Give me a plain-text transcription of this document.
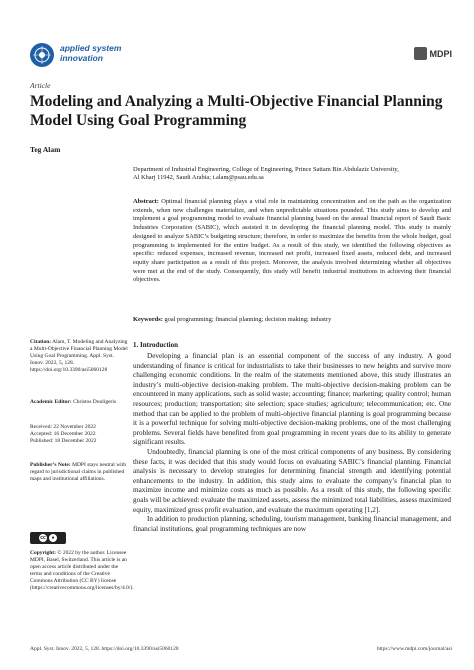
applied system
innovation	MDPI
Article
Modeling and Analyzing a Multi-Objective Financial Planning Model Using Goal Programming
Teg Alam
Department of Industrial Engineering, College of Engineering, Prince Sattam Bin Abdulaziz University,
Al Kharj 11942, Saudi Arabia; t.alam@psau.edu.sa
Abstract: Optimal financial planning plays a vital role in maintaining concentration and on the path as the organization extends, when new challenges materialize, and when unpredictable situations pounded. This study aims to develop and implement a goal programming model to evaluate financial planning based on the annual financial report of Saudi Basic Industries Corporation (SABIC), which assisted it in developing the financial planning model. This study is mainly designed to analyze SABIC’s budgeting structure; therefore, in order to maximize the benefits from the whole budget, goal programming is implemented for the entire budget. As a result of this study, we identified the following objectives as specific: reduced expenses, increased revenue, increased net profit, increased fixed assets, reduced debt, and increased equity share participation as a result of this project. Moreover, the analysis involved determining whether all objectives were met at the end of the study. Consequently, this study will benefit industrial institutions in achieving their financial objectives.
Keywords: goal programming; financial planning; decision making; industry
Citation: Alam, T. Modeling and Analyzing a Multi-Objective Financial Planning Model Using Goal Programming. Appl. Syst. Innov. 2022, 5, 128. https://doi.org/10.3390/asi5060128
Academic Editor: Christos Douligeris
Received: 22 November 2022
Accepted: 16 December 2022
Published: 18 December 2022
Publisher’s Note: MDPI stays neutral with regard to jurisdictional claims in published maps and institutional affiliations.
cc	●
Copyright: © 2022 by the author. Licensee MDPI, Basel, Switzerland. This article is an open access article distributed under the terms and conditions of the Creative Commons Attribution (CC BY) license (https://creativecommons.org/licenses/by/4.0/).
1. Introduction

Developing a financial plan is an essential component of the success of any industry. A good understanding of finance is critical for industrialists to take their businesses to new heights and survive more challenging economic conditions. In the realm of the statements mentioned above, this study illustrates an industry’s multi-objective decision-making problem. The multi-objective decision-making problem can be encountered in many applications, such as solid waste; accounting; finance; marketing; quality control; human resources; production; transportation; site selection; space studies; agriculture; telecommunication; etc. One method that can be applied to the problem of multi-objective financial planning is goal programming because it is a powerful technique for solving multi-objective decision-making problems, one of the most challenging problems. Several fields have benefited from goal programming in recent years due to its ability to generate significant results.

Undoubtedly, financial planning is one of the most critical components of any business. By considering these facts, it was decided that this study would focus on evaluating SABIC’s financial planning. Financial analysis is necessary to develop strategies for determining financial strength and identifying potential enhancements to the industry. In addition, this study aims to evaluate the company’s financial plan to maximize income and minimize costs as much as possible. As a result of this study, the following specific goals will be achieved: evaluate the maximized assets, assess the minimized total liabilities, assess maximized equity, maximized gross profit evaluation, and evaluate the maximum operating [1,2].

In addition to production planning, scheduling, tourism management, banking financial management, and financial institutions, goal programming techniques are now

Appl. Syst. Innov. 2022, 5, 128. https://doi.org/10.3390/asi5060128	https://www.mdpi.com/journal/asi
